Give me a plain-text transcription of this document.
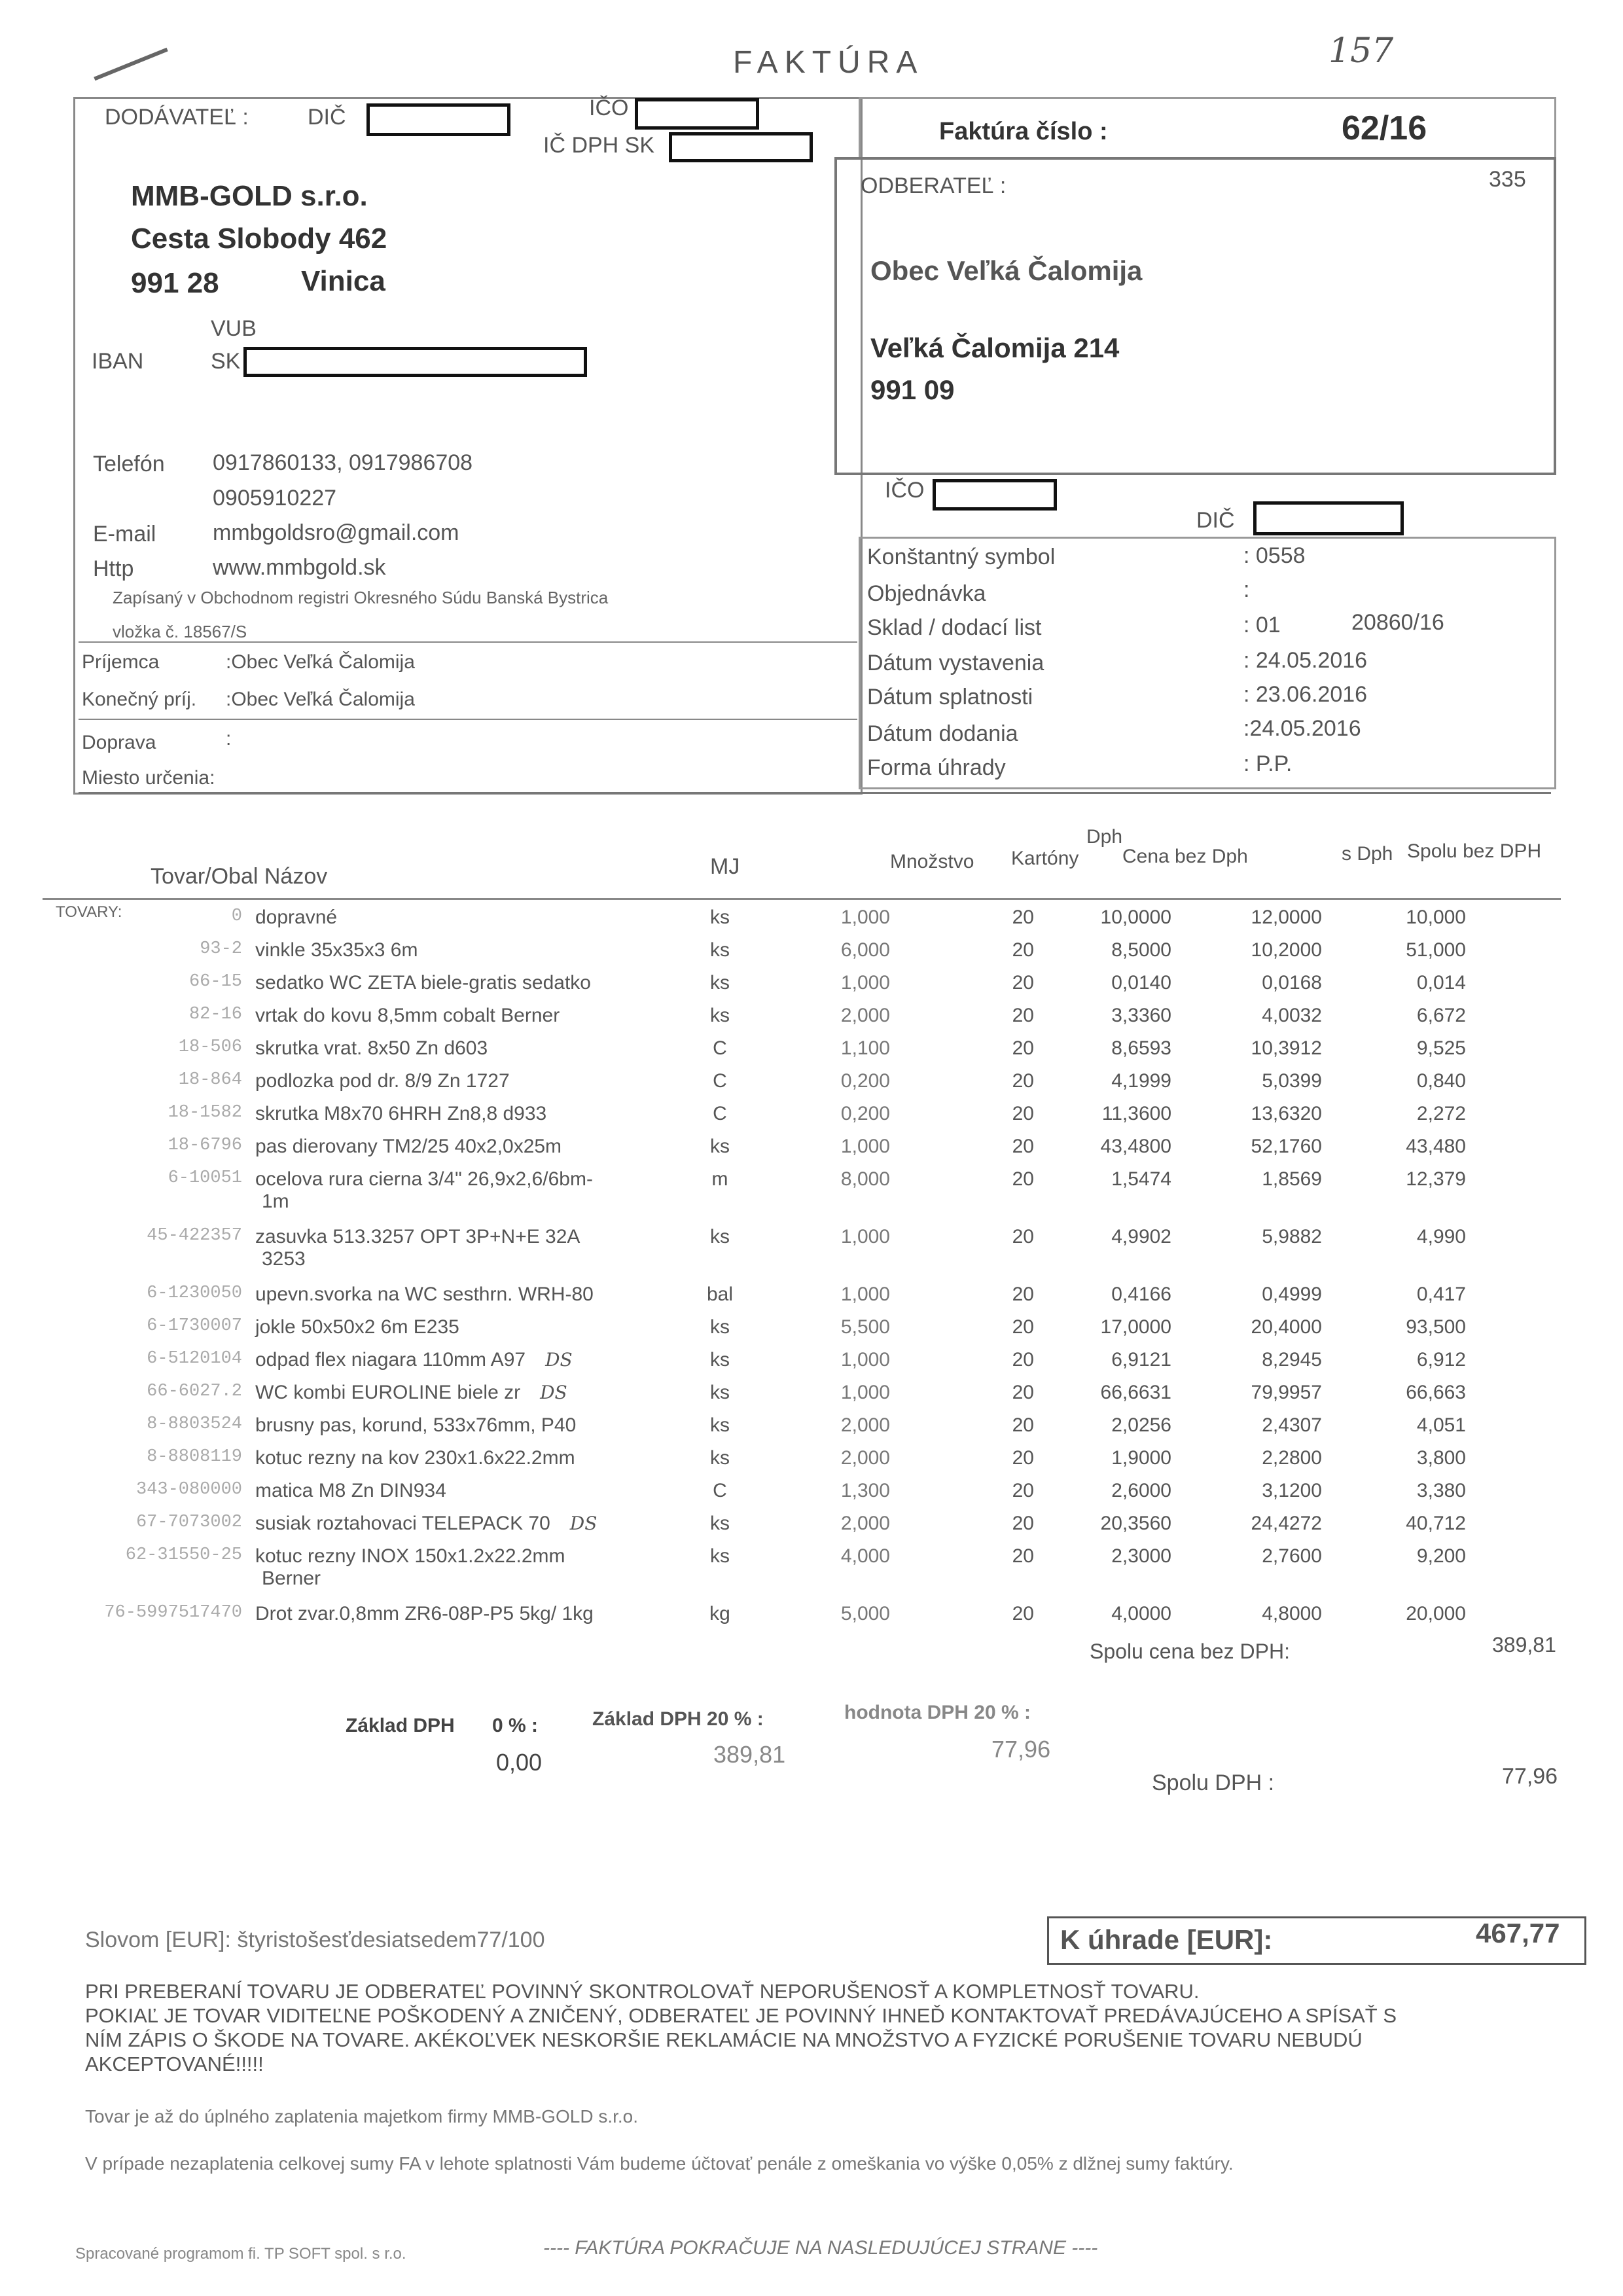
FAKTÚRA	157
DODÁVATEĽ :	DIČ	IČO
IČ DPH SK
MMB-GOLD s.r.o.
Cesta Slobody 462
991 28	Vinica
VUB
IBAN	SK
Telefón 0917860133, 0917986708
0905910227
E-mail	mmbgoldsro@gmail.com
Http	www.mmbgold.sk
Zapísaný v Obchodnom registri Okresného Súdu Banská Bystrica
vložka č. 18567/S
Faktúra číslo :	62/16
ODBERATEĽ :	335
Obec Veľká Čalomija
Veľká Čalomija 214
991 09
IČO
DIČ
Konštantný symbol	: 0558
Objednávka	:
Sklad / dodací list	: 01	20860/16
Dátum vystavenia	: 24.05.2016
Dátum splatnosti	: 23.06.2016
Dátum dodania	:24.05.2016
Forma úhrady	: P.P.
Príjemca	:Obec Veľká Čalomija
Konečný príj. :Obec Veľká Čalomija
Doprava	:
Miesto určenia:
Tovar/Obal Názov	MJ	Množstvo Kartóny
Dph
Cena bez Dph	s Dph Spolu bez DPH
TOVARY:	0	dopravné	ks	1,000	20	10,0000	12,0000	10,000
93-2	vinkle 35x35x3 6m	ks	6,000	20	8,5000	10,2000	51,000
66-15	sedatko WC ZETA biele-gratis sedatko	ks	1,000	20	0,0140	0,0168	0,014
82-16	vrtak do kovu 8,5mm cobalt Berner	ks	2,000	20	3,3360	4,0032	6,672
18-506	skrutka vrat. 8x50 Zn d603	C	1,100	20	8,6593	10,3912	9,525
18-864	podlozka pod dr. 8/9 Zn 1727	C	0,200	20	4,1999	5,0399	0,840
18-1582	skrutka M8x70 6HRH Zn8,8 d933	C	0,200	20	11,3600	13,6320	2,272
18-6796	pas dierovany TM2/25 40x2,0x25m	ks	1,000	20	43,4800	52,1760	43,480
6-10051	ocelova rura cierna 3/4" 26,9x2,6/6bm-
1m	m	8,000	20	1,5474	1,8569	12,379
45-422357	zasuvka 513.3257 OPT 3P+N+E 32A
3253	ks	1,000	20	4,9902	5,9882	4,990
6-1230050	upevn.svorka na WC sesthrn. WRH-80	bal	1,000	20	0,4166	0,4999	0,417
6-1730007	jokle 50x50x2 6m E235	ks	5,500	20	17,0000	20,4000	93,500
6-5120104	odpad flex niagara 110mm A97 DS	ks	1,000	20	6,9121	8,2945	6,912
66-6027.2	WC kombi EUROLINE biele zr DS	ks	1,000	20	66,6631	79,9957	66,663
8-8803524	brusny pas, korund, 533x76mm, P40	ks	2,000	20	2,0256	2,4307	4,051
8-8808119	kotuc rezny na kov 230x1.6x22.2mm	ks	2,000	20	1,9000	2,2800	3,800
343-080000	matica M8 Zn DIN934	C	1,300	20	2,6000	3,1200	3,380
67-7073002	susiak roztahovaci TELEPACK 70 DS	ks	2,000	20	20,3560	24,4272	40,712
62-31550-25	kotuc rezny INOX 150x1.2x22.2mm
Berner	ks	4,000	20	2,3000	2,7600	9,200
76-5997517470	Drot zvar.0,8mm ZR6-08P-P5 5kg/ 1kg	kg	5,000	20	4,0000	4,8000	20,000
Spolu cena bez DPH:	389,81
Základ DPH 0 % :
0,00
Základ DPH 20 % :
389,81
hodnota DPH 20 % :
77,96
Spolu DPH :	77,96
Slovom [EUR]: štyristošesťdesiatsedem77/100	K úhrade [EUR]:	467,77
PRI PREBERANÍ TOVARU JE ODBERATEĽ POVINNÝ SKONTROLOVAŤ NEPORUŠENOSŤ A KOMPLETNOSŤ TOVARU.
POKIAĽ JE TOVAR VIDITEĽNE POŠKODENÝ A ZNIČENÝ, ODBERATEĽ JE POVINNÝ IHNEĎ KONTAKTOVAŤ PREDÁVAJÚCEHO A SPÍSAŤ S
NÍM ZÁPIS O ŠKODE NA TOVARE. AKÉKOĽVEK NESKORŠIE REKLAMÁCIE NA MNOŽSTVO A FYZICKÉ PORUŠENIE TOVARU NEBUDÚ
AKCEPTOVANÉ!!!!!
Tovar je až do úplného zaplatenia majetkom firmy MMB-GOLD s.r.o.
V prípade nezaplatenia celkovej sumy FA v lehote splatnosti Vám budeme účtovať penále z omeškania vo výške 0,05% z dlžnej sumy faktúry.
Spracované programom fi. TP SOFT spol. s r.o.	---- FAKTÚRA POKRAČUJE NA NASLEDUJÚCEJ STRANE ----
